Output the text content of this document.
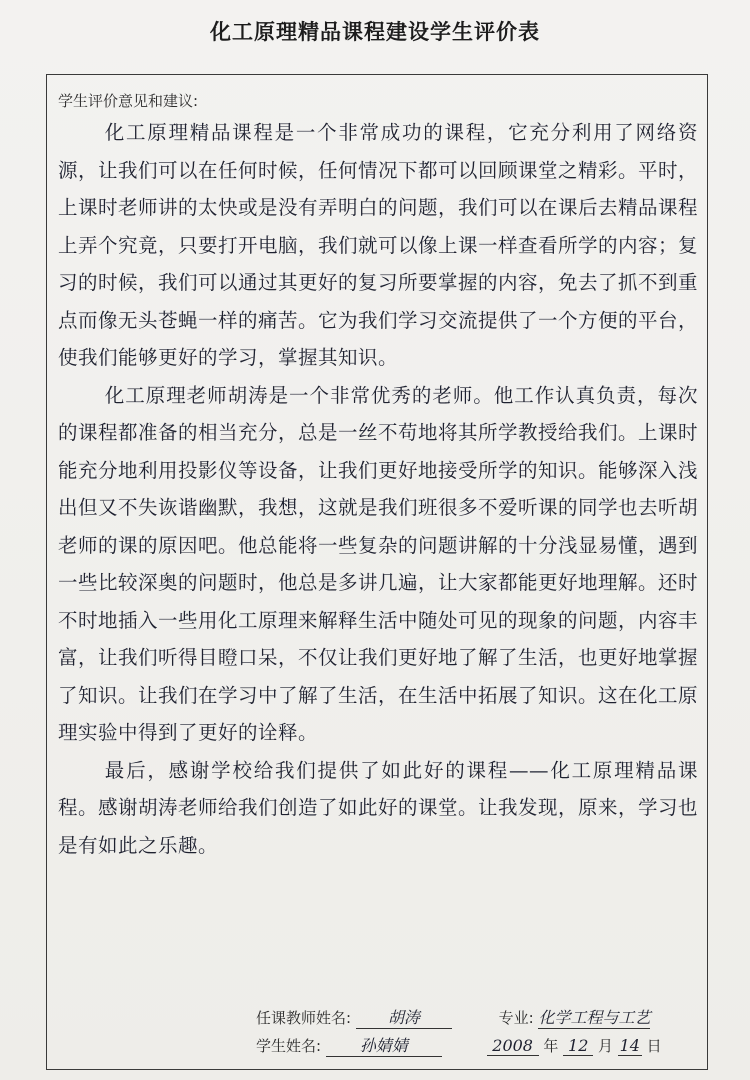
化工原理精品课程建设学生评价表
学生评价意见和建议:

化工原理精品课程是一个非常成功的课程，它充分利用了网络资源，让我们可以在任何时候，任何情况下都可以回顾课堂之精彩。平时，上课时老师讲的太快或是没有弄明白的问题，我们可以在课后去精品课程上弄个究竟，只要打开电脑，我们就可以像上课一样查看所学的内容；复习的时候，我们可以通过其更好的复习所要掌握的内容，免去了抓不到重点而像无头苍蝇一样的痛苦。它为我们学习交流提供了一个方便的平台，使我们能够更好的学习，掌握其知识。

化工原理老师胡涛是一个非常优秀的老师。他工作认真负责，每次的课程都准备的相当充分，总是一丝不苟地将其所学教授给我们。上课时能充分地利用投影仪等设备，让我们更好地接受所学的知识。能够深入浅出但又不失诙谐幽默，我想，这就是我们班很多不爱听课的同学也去听胡老师的课的原因吧。他总能将一些复杂的问题讲解的十分浅显易懂，遇到一些比较深奥的问题时，他总是多讲几遍，让大家都能更好地理解。还时不时地插入一些用化工原理来解释生活中随处可见的现象的问题，内容丰富，让我们听得目瞪口呆，不仅让我们更好地了解了生活，也更好地掌握了知识。让我们在学习中了解了生活，在生活中拓展了知识。这在化工原理实验中得到了更好的诠释。

最后，感谢学校给我们提供了如此好的课程——化工原理精品课程。感谢胡涛老师给我们创造了如此好的课堂。让我发现，原来，学习也是有如此之乐趣。

任课教师姓名: 胡涛	专业: 化学工程与工艺
学生姓名: 孙婧婧	2008 年 12 月 14 日
